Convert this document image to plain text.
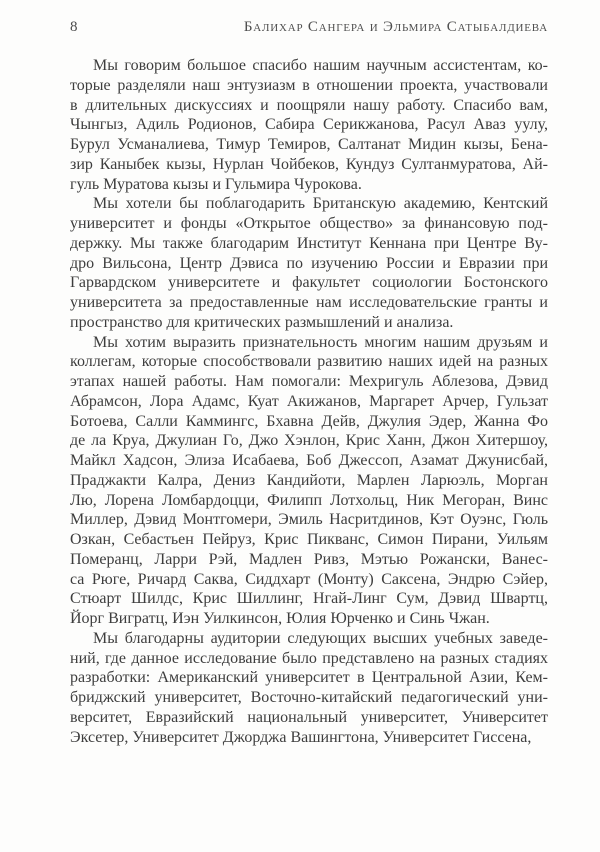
8	Балихар Сангера и Эльмира Сатыбалдиева
Мы говорим большое спасибо нашим научным ассистентам, ко-
торые разделяли наш энтузиазм в отношении проекта, участвовали
в длительных дискуссиях и поощряли нашу работу. Спасибо вам,
Чынгыз, Адиль Родионов, Сабира Серикжанова, Расул Аваз уулу,
Бурул Усманалиева, Тимур Темиров, Салтанат Мидин кызы, Бена-
зир Каныбек кызы, Нурлан Чойбеков, Кундуз Султанмуратова, Ай-
гуль Муратова кызы и Гульмира Чурокова.
Мы хотели бы поблагодарить Британскую академию, Кентский
университет и фонды «Открытое общество» за финансовую под-
держку. Мы также благодарим Институт Кеннана при Центре Ву-
дро Вильсона, Центр Дэвиса по изучению России и Евразии при
Гарвардском университете и факультет социологии Бостонского
университета за предоставленные нам исследовательские гранты и
пространство для критических размышлений и анализа.
Мы хотим выразить признательность многим нашим друзьям и
коллегам, которые способствовали развитию наших идей на разных
этапах нашей работы. Нам помогали: Мехригуль Аблезова, Дэвид
Абрамсон, Лора Адамс, Куат Акижанов, Маргарет Арчер, Гульзат
Ботоева, Салли Каммингс, Бхавна Дейв, Джулия Эдер, Жанна Фо
де ла Круа, Джулиан Го, Джо Хэнлон, Крис Ханн, Джон Хитершоу,
Майкл Хадсон, Элиза Исабаева, Боб Джессоп, Азамат Джунисбай,
Праджакти Калра, Дениз Кандийоти, Марлен Ларюэль, Морган
Лю, Лорена Ломбардоцци, Филипп Лотхольц, Ник Мегоран, Винс
Миллер, Дэвид Монтгомери, Эмиль Насритдинов, Кэт Оуэнс, Гюль
Озкан, Себастьен Пейруз, Крис Пикванс, Симон Пирани, Уильям
Померанц, Ларри Рэй, Мадлен Ривз, Мэтью Рожански, Ванес-
са Рюге, Ричард Саква, Сиддхарт (Монту) Саксена, Эндрю Сэйер,
Стюарт Шилдс, Крис Шиллинг, Нгай-Линг Сум, Дэвид Швартц,
Йорг Вигратц, Иэн Уилкинсон, Юлия Юрченко и Синь Чжан.
Мы благодарны аудитории следующих высших учебных заведе-
ний, где данное исследование было представлено на разных стадиях
разработки: Американский университет в Центральной Азии, Кем-
бриджский университет, Восточно-китайский педагогический уни-
верситет, Евразийский национальный университет, Университет
Эксетер, Университет Джорджа Вашингтона, Университет Гиссена,
